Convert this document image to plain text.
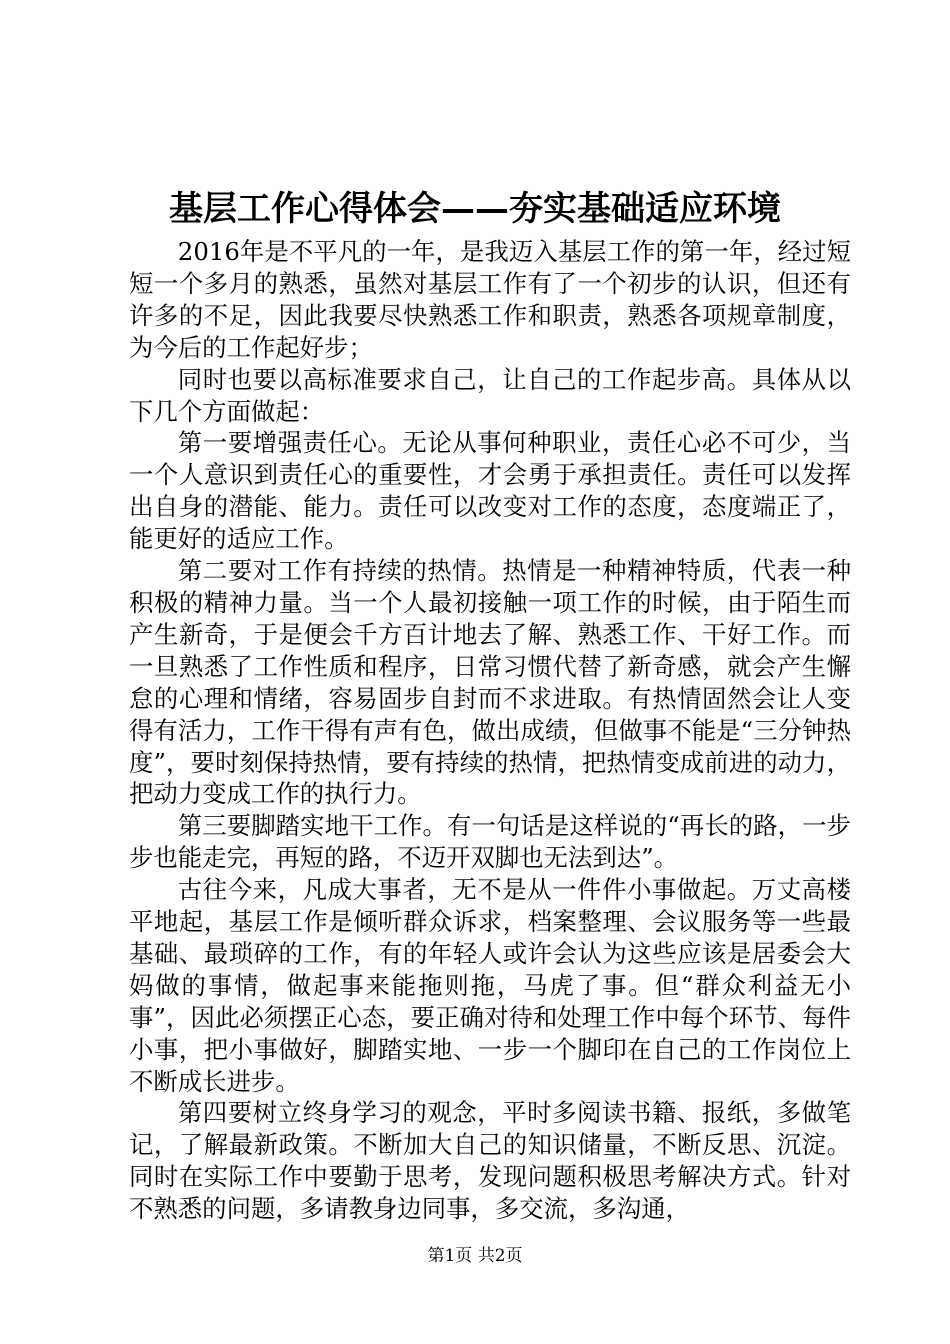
基层工作心得体会——夯实基础适应环境

2016年是不平凡的一年，是我迈入基层工作的第一年，经过短短一个多月的熟悉，虽然对基层工作有了一个初步的认识，但还有许多的不足，因此我要尽快熟悉工作和职责，熟悉各项规章制度，为今后的工作起好步；

同时也要以高标准要求自己，让自己的工作起步高。具体从以下几个方面做起：

第一要增强责任心。无论从事何种职业，责任心必不可少，当一个人意识到责任心的重要性，才会勇于承担责任。责任可以发挥出自身的潜能、能力。责任可以改变对工作的态度，态度端正了，能更好的适应工作。

第二要对工作有持续的热情。热情是一种精神特质，代表一种积极的精神力量。当一个人最初接触一项工作的时候，由于陌生而产生新奇，于是便会千方百计地去了解、熟悉工作、干好工作。而一旦熟悉了工作性质和程序，日常习惯代替了新奇感，就会产生懈怠的心理和情绪，容易固步自封而不求进取。有热情固然会让人变得有活力，工作干得有声有色，做出成绩，但做事不能是“三分钟热度”，要时刻保持热情，要有持续的热情，把热情变成前进的动力，把动力变成工作的执行力。

第三要脚踏实地干工作。有一句话是这样说的“再长的路，一步步也能走完，再短的路，不迈开双脚也无法到达”。

古往今来，凡成大事者，无不是从一件件小事做起。万丈高楼平地起，基层工作是倾听群众诉求，档案整理、会议服务等一些最基础、最琐碎的工作，有的年轻人或许会认为这些应该是居委会大妈做的事情，做起事来能拖则拖，马虎了事。但“群众利益无小事”，因此必须摆正心态，要正确对待和处理工作中每个环节、每件小事，把小事做好，脚踏实地、一步一个脚印在自己的工作岗位上不断成长进步。

第四要树立终身学习的观念，平时多阅读书籍、报纸，多做笔记，了解最新政策。不断加大自己的知识储量，不断反思、沉淀。同时在实际工作中要勤于思考，发现问题积极思考解决方式。针对不熟悉的问题，多请教身边同事，多交流，多沟通，

第1页 共2页
